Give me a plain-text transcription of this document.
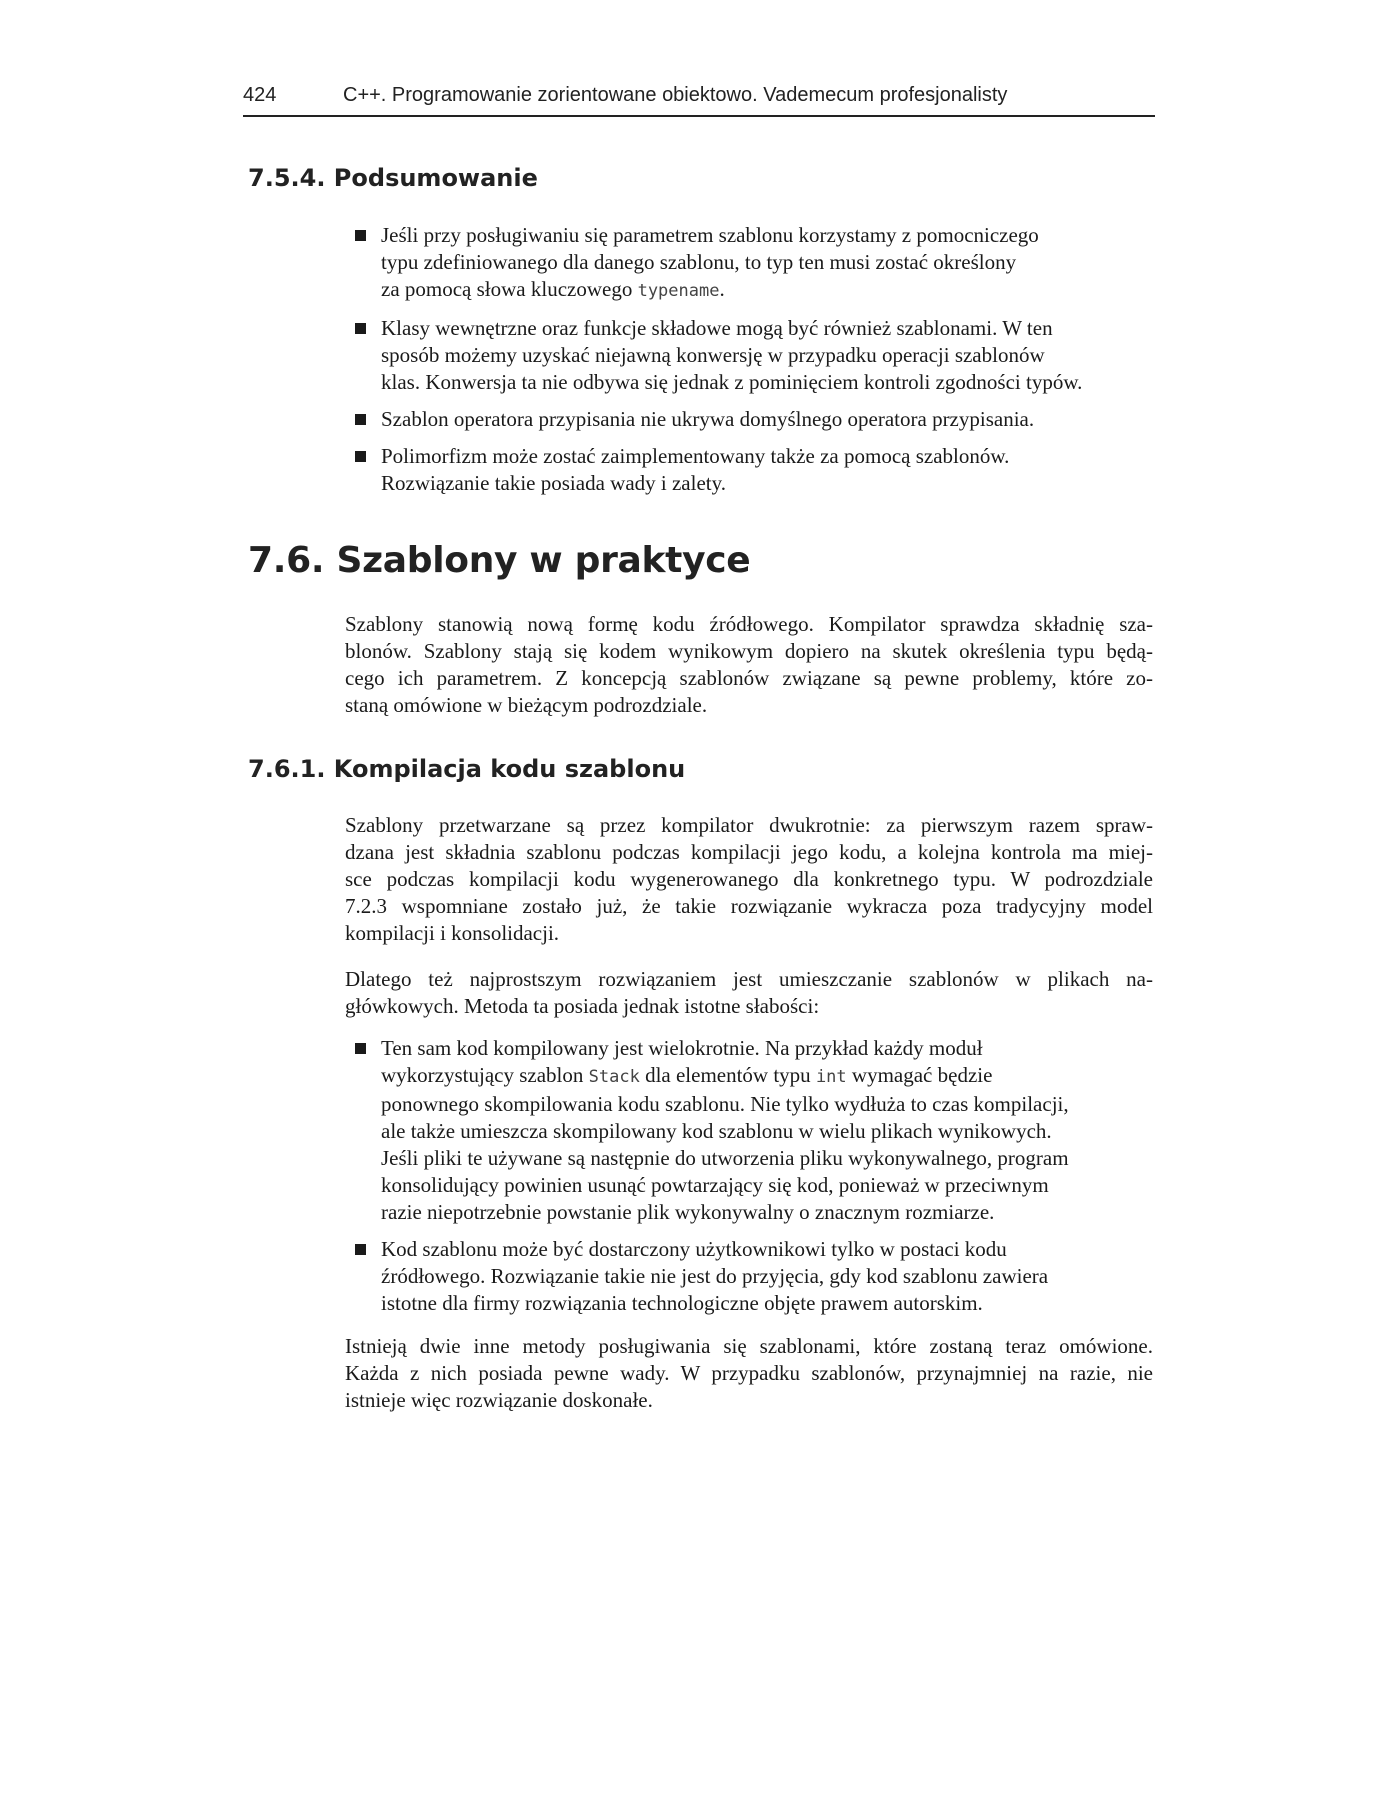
424	C++. Programowanie zorientowane obiektowo. Vademecum profesjonalisty
7.5.4. Podsumowanie
Jeśli przy posługiwaniu się parametrem szablonu korzystamy z pomocniczego
typu zdefiniowanego dla danego szablonu, to typ ten musi zostać określony
za pomocą słowa kluczowego typename.
Klasy wewnętrzne oraz funkcje składowe mogą być również szablonami. W ten
sposób możemy uzyskać niejawną konwersję w przypadku operacji szablonów
klas. Konwersja ta nie odbywa się jednak z pominięciem kontroli zgodności typów.
Szablon operatora przypisania nie ukrywa domyślnego operatora przypisania.
Polimorfizm może zostać zaimplementowany także za pomocą szablonów.
Rozwiązanie takie posiada wady i zalety.
7.6. Szablony w praktyce

Szablony stanowią nową formę kodu źródłowego. Kompilator sprawdza składnię sza-
blonów. Szablony stają się kodem wynikowym dopiero na skutek określenia typu będą-
cego ich parametrem. Z koncepcją szablonów związane są pewne problemy, które zo-
staną omówione w bieżącym podrozdziale.

7.6.1. Kompilacja kodu szablonu

Szablony przetwarzane są przez kompilator dwukrotnie: za pierwszym razem spraw-
dzana jest składnia szablonu podczas kompilacji jego kodu, a kolejna kontrola ma miej-
sce podczas kompilacji kodu wygenerowanego dla konkretnego typu. W podrozdziale
7.2.3 wspomniane zostało już, że takie rozwiązanie wykracza poza tradycyjny model
kompilacji i konsolidacji.

Dlatego też najprostszym rozwiązaniem jest umieszczanie szablonów w plikach na-
główkowych. Metoda ta posiada jednak istotne słabości:

Ten sam kod kompilowany jest wielokrotnie. Na przykład każdy moduł
wykorzystujący szablon Stack dla elementów typu int wymagać będzie
ponownego skompilowania kodu szablonu. Nie tylko wydłuża to czas kompilacji,
ale także umieszcza skompilowany kod szablonu w wielu plikach wynikowych.
Jeśli pliki te używane są następnie do utworzenia pliku wykonywalnego, program
konsolidujący powinien usunąć powtarzający się kod, ponieważ w przeciwnym
razie niepotrzebnie powstanie plik wykonywalny o znacznym rozmiarze.
Kod szablonu może być dostarczony użytkownikowi tylko w postaci kodu
źródłowego. Rozwiązanie takie nie jest do przyjęcia, gdy kod szablonu zawiera
istotne dla firmy rozwiązania technologiczne objęte prawem autorskim.

Istnieją dwie inne metody posługiwania się szablonami, które zostaną teraz omówione.
Każda z nich posiada pewne wady. W przypadku szablonów, przynajmniej na razie, nie
istnieje więc rozwiązanie doskonałe.
